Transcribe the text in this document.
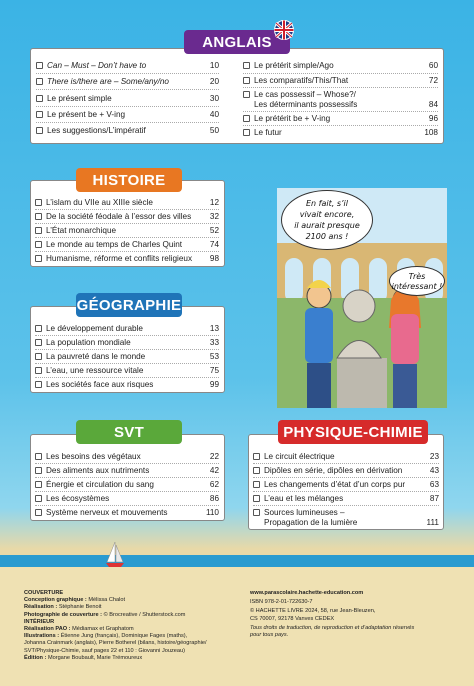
Can – Must – Don’t have to	10
There is/there are – Some/any/no	20
Le présent simple	30
Le présent be + V-ing	40
Les suggestions/L’impératif	50
Le prétérit simple/Ago	60
Les comparatifs/This/That	72
Le cas possessif – Whose?/
Les déterminants possessifs	84
Le prétérit be + V-ing	96
Le futur	108
ANGLAIS
L’islam du VIIe au XIIIe siècle	12
De la société féodale à l’essor des villes 32
L’État monarchique	52
Le monde au temps de Charles Quint	74
Humanisme, réforme et conflits religieux 98
HISTOIRE
Le développement durable	13
La population mondiale	33
La pauvreté dans le monde	53
L’eau, une ressource vitale	75
Les sociétés face aux risques	99
GÉOGRAPHIE
Les besoins des végétaux	22
Des aliments aux nutriments	42
Énergie et circulation du sang	62
Les écosystèmes	86
Système nerveux et mouvements	110
SVT
Le circuit électrique	23
Dipôles en série, dipôles en dérivation	43
Les changements d’état d’un corps pur	63
L’eau et les mélanges	87
Sources lumineuses –
Propagation de la lumière	111
PHYSIQUE-CHIMIE
En fait, s’il
vivait encore,
il aurait presque
2100 ans !
Très
intéressant !
COUVERTURE
Conception graphique : Mélissa Chalot
Réalisation : Stéphanie Benoit
Photographie de couverture : © Brocreative / Shutterstock.com
INTÉRIEUR
Réalisation PAO : Médiamax et Graphatom
Illustrations : Étienne Jung (français), Dominique Fages (maths),
Johanna Crainmark (anglais), Pierre Botherel (bilans, histoire/géographie/
SVT/Physique-Chimie, sauf pages 22 et 110 : Giovanni Jouzeau)
Édition : Morgane Boubault, Marie Trémoureux
www.parascolaire.hachette-education.com
ISBN 978-2-01-722630-7
© HACHETTE LIVRE 2024, 58, rue Jean-Bleuzen,
CS 70007, 92178 Vanves CEDEX
Tous droits de traduction, de reproduction et d’adaptation réservés
pour tous pays.
